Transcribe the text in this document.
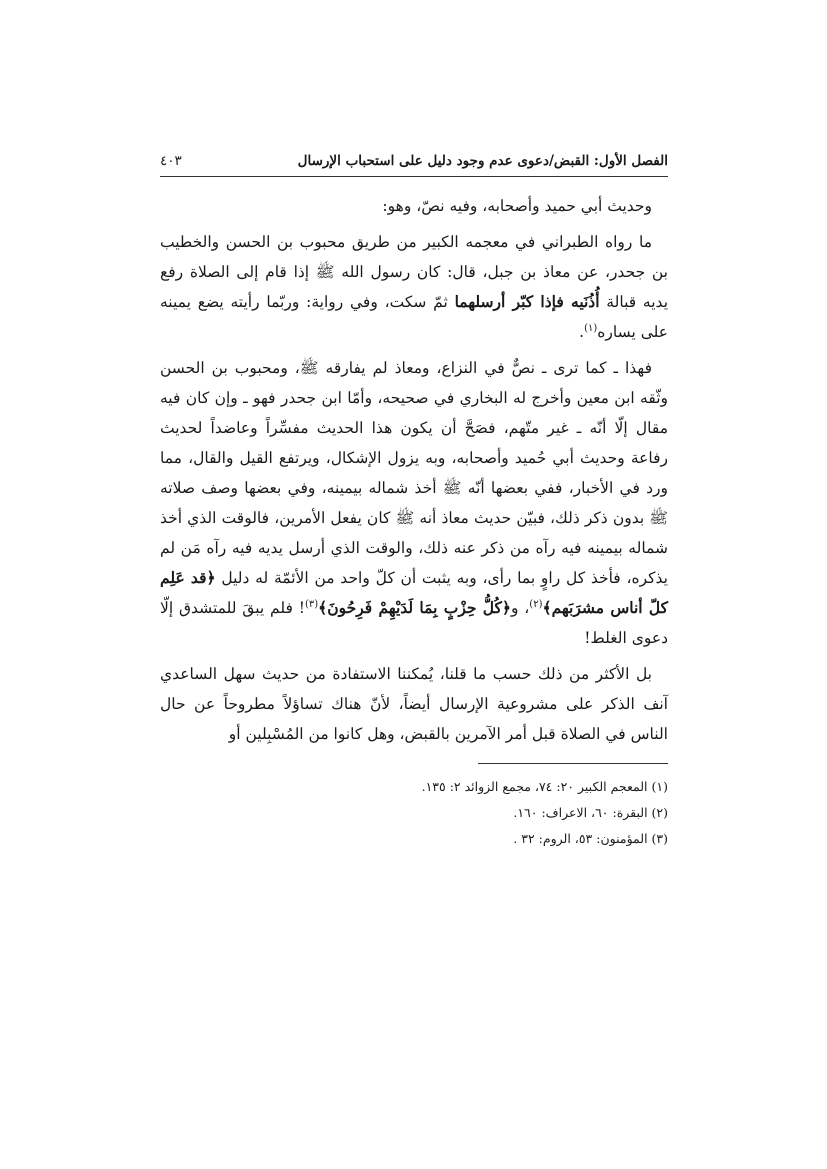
الفصل الأول: القبض/دعوى عدم وجود دليل على استحباب الإرسال
٤٠٣

وحديث أبي حميد وأصحابه، وفيه نصّ، وهو:

ما رواه الطبراني في معجمه الكبير من طريق محبوب بن الحسن والخطيب بن جحدر، عن معاذ بن جبل، قال: كان رسول الله ﷺ إذا قام إلى الصلاة رفع يديه قبالة أُذُنَيه فإذا كبّر أرسلهما ثمّ سكت، وفي رواية: وربّما رأيته يضع يمينه على يساره$^{(١)}$.

فهذا ـ كما ترى ـ نصٌّ في النزاع، ومعاذ لم يفارقه ﷺ، ومحبوب بن الحسن وثّقه ابن معين وأخرج له البخاري في صحيحه، وأمّا ابن جحدر فهو ـ وإن كان فيه مقال إلّا أنّه ـ غير متّهم، فصَحَّ أن يكون هذا الحديث مفسِّراً وعاضداً لحديث رفاعة وحديث أبي حُميد وأصحابه، وبه يزول الإشكال، ويرتفع القيل والقال، مما ورد في الأخبار، ففي بعضها أنّه ﷺ أخذ شماله بيمينه، وفي بعضها وصف صلاته ﷺ بدون ذكر ذلك، فبيّن حديث معاذ أنه ﷺ كان يفعل الأمرين، فالوقت الذي أخذ شماله بيمينه فيه رآه من ذكر عنه ذلك، والوقت الذي أرسل يديه فيه رآه مَن لم يذكره، فأخذ كل راوٍ بما رأى، وبه يثبت أن كلّ واحد من الأئمّة له دليل ﴿قد عَلِم كلّ أناس مشرَبَهم﴾$^{(٢)}$، و﴿كُلُّ حِزْبٍ بِمَا لَدَيْهِمْ فَرِحُونَ﴾$^{(٣)}$! فلم يبقَ للمتشدق إلّا دعوى الغلط!

بل الأكثر من ذلك حسب ما قلنا، يُمكننا الاستفادة من حديث سهل الساعدي آنف الذكر على مشروعية الإرسال أيضاً، لأنّ هناك تساؤلاً مطروحاً عن حال الناس في الصلاة قبل أمر الآمرين بالقبض، وهل كانوا من المُسْبِلين أو

(١) المعجم الكبير ٢٠: ٧٤، مجمع الزوائد ٢: ١٣٥.
(٢) البقرة: ٦٠، الاعراف: ١٦٠.
(٣) المؤمنون: ٥٣، الروم: ٣٢ .
